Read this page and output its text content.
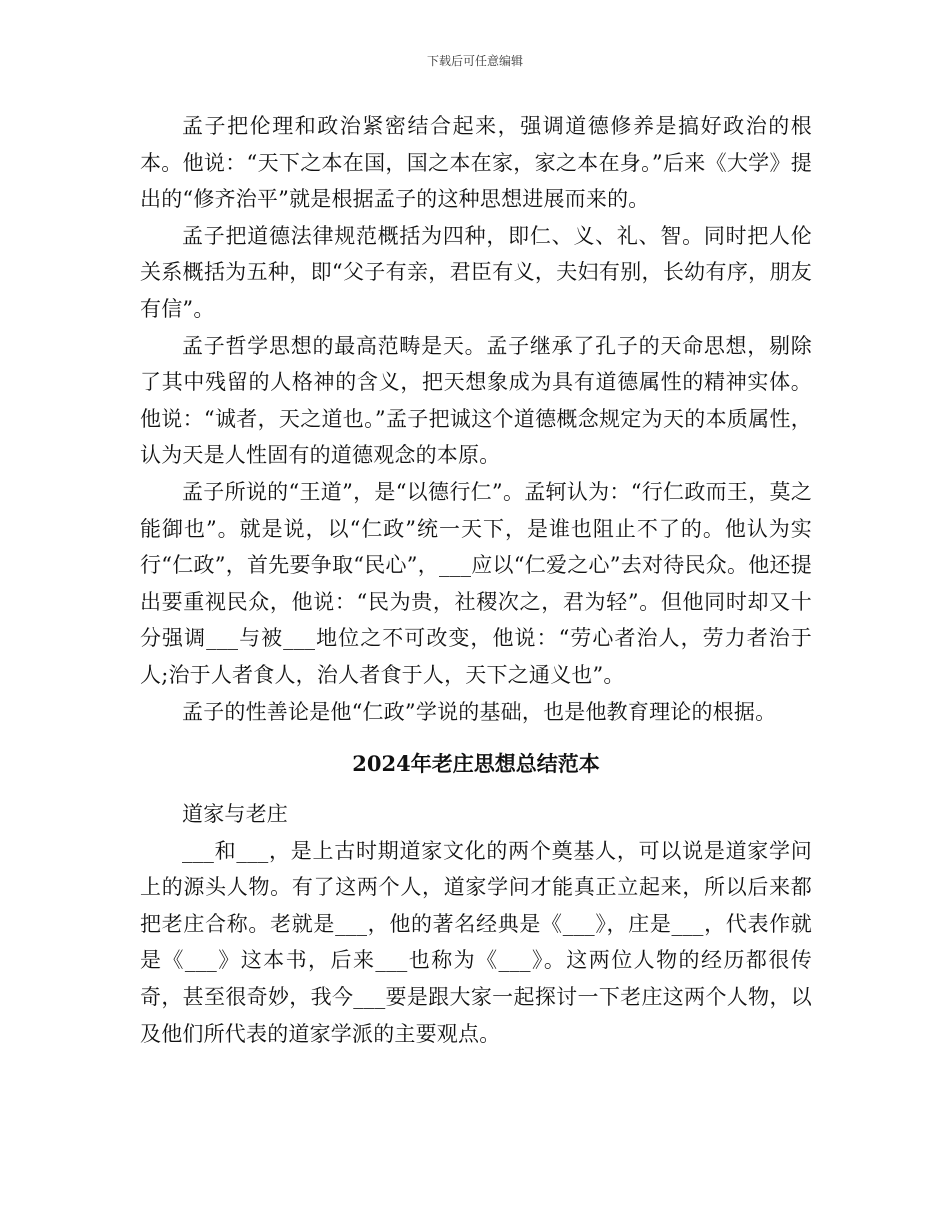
下载后可任意编辑

孟子把伦理和政治紧密结合起来，强调道德修养是搞好政治的根本。他说：“天下之本在国，国之本在家，家之本在身。”后来《大学》提出的“修齐治平”就是根据孟子的这种思想进展而来的。

孟子把道德法律规范概括为四种，即仁、义、礼、智。同时把人伦关系概括为五种，即“父子有亲，君臣有义，夫妇有别，长幼有序，朋友有信”。

孟子哲学思想的最高范畴是天。孟子继承了孔子的天命思想，剔除了其中残留的人格神的含义，把天想象成为具有道德属性的精神实体。他说：“诚者，天之道也。”孟子把诚这个道德概念规定为天的本质属性，认为天是人性固有的道德观念的本原。

孟子所说的“王道”，是“以德行仁”。孟轲认为：“行仁政而王，莫之能御也”。就是说，以“仁政”统一天下，是谁也阻止不了的。他认为实行“仁政”，首先要争取“民心”，___应以“仁爱之心”去对待民众。他还提出要重视民众，他说：“民为贵，社稷次之，君为轻”。但他同时却又十分强调___与被___地位之不可改变，他说：“劳心者治人，劳力者治于人;治于人者食人，治人者食于人，天下之通义也”。

孟子的性善论是他“仁政”学说的基础，也是他教育理论的根据。

2024年老庄思想总结范本

道家与老庄

___和___，是上古时期道家文化的两个奠基人，可以说是道家学问上的源头人物。有了这两个人，道家学问才能真正立起来，所以后来都把老庄合称。老就是___，他的著名经典是《___》，庄是___，代表作就是《___》这本书，后来___也称为《___》。这两位人物的经历都很传奇，甚至很奇妙，我今___要是跟大家一起探讨一下老庄这两个人物，以及他们所代表的道家学派的主要观点。
